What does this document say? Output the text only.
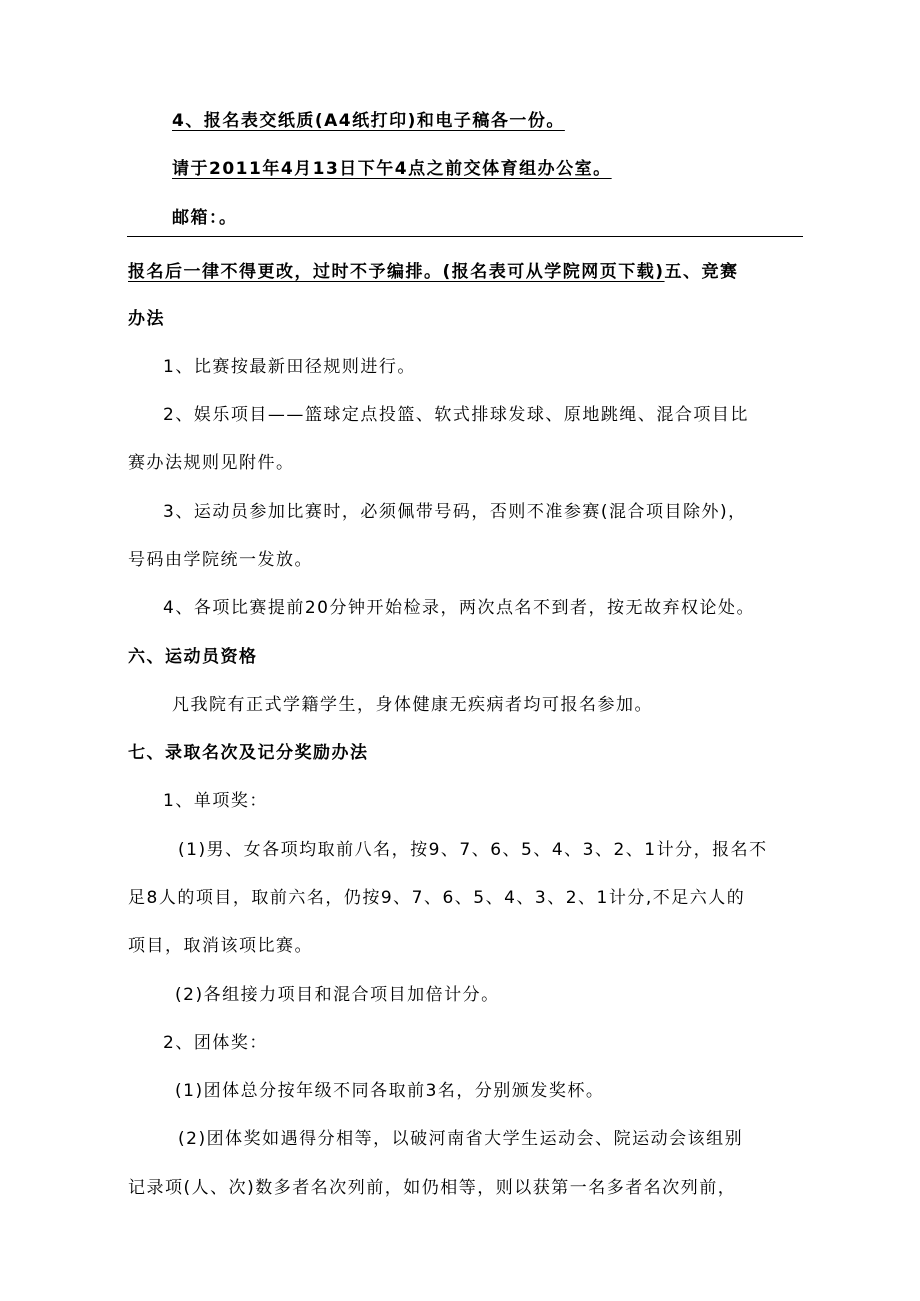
4、报名表交纸质(A4纸打印)和电子稿各一份。
请于2011年4月13日下午4点之前交体育组办公室。
邮箱：。
报名后一律不得更改，过时不予编排。(报名表可从学院网页下载)五、竞赛
办法
1、比赛按最新田径规则进行。
2、娱乐项目——篮球定点投篮、软式排球发球、原地跳绳、混合项目比
赛办法规则见附件。
3、运动员参加比赛时，必须佩带号码，否则不准参赛(混合项目除外)，
号码由学院统一发放。
4、各项比赛提前20分钟开始检录，两次点名不到者，按无故弃权论处。
六、运动员资格
凡我院有正式学籍学生，身体健康无疾病者均可报名参加。
七、录取名次及记分奖励办法
1、单项奖：
(1)男、女各项均取前八名，按9、7、6、5、4、3、2、1计分，报名不
足8人的项目，取前六名，仍按9、7、6、5、4、3、2、1计分,不足六人的
项目，取消该项比赛。
(2)各组接力项目和混合项目加倍计分。
2、团体奖：
(1)团体总分按年级不同各取前3名，分别颁发奖杯。
(2)团体奖如遇得分相等，以破河南省大学生运动会、院运动会该组别
记录项(人、次)数多者名次列前，如仍相等，则以获第一名多者名次列前，
